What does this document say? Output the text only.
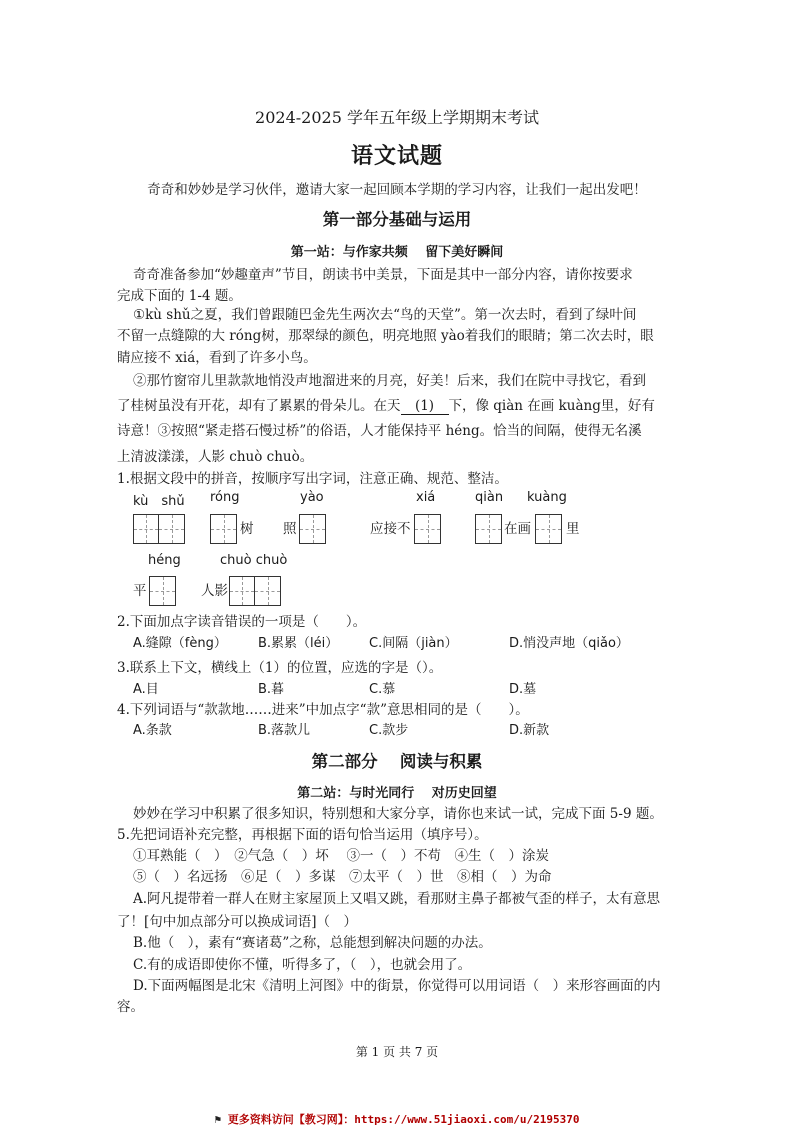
2024-2025 学年五年级上学期期末考试
语文试题
奇奇和妙妙是学习伙伴，邀请大家一起回顾本学期的学习内容，让我们一起出发吧！
第一部分基础与运用
第一站：与作家共频　 留下美好瞬间
奇奇准备参加“妙趣童声”节目，朗读书中美景，下面是其中一部分内容，请你按要求
完成下面的 1-4 题。
①kù shǔ之夏，我们曾跟随巴金先生两次去“鸟的天堂”。第一次去时，看到了绿叶间
不留一点缝隙的大 róng树，那翠绿的颜色，明亮地照 yào着我们的眼睛；第二次去时，眼
睛应接不 xiá，看到了许多小鸟。
②那竹窗帘儿里款款地悄没声地溜进来的月亮，好美！后来，我们在院中寻找它，看到
了桂树虽没有开花，却有了累累的骨朵儿。在天 (1) 下，像 qiàn 在画 kuàng里，好有
诗意！③按照“紧走搭石慢过桥”的俗语，人才能保持平 héng。恰当的间隔，使得无名溪
上清波漾漾，人影 chuò chuò。
1.根据文段中的拼音，按顺序写出字词，注意正确、规范、整洁。
kù　shǔ róng	yào	xiá	qiàn kuàng
树 照	应接不	在画	里
héng	chuò chuò
平	人影
2.下面加点字读音错误的一项是（　　）。
A.缝隙（fèng） B.累累（léi） C.间隔（jiàn）	D.悄没声地（qiǎo）
3.联系上下文，横线上（1）的位置，应选的字是（）。
A.目	B.暮	C.慕	D.墓
4.下列词语与“款款地……进来”中加点字“款”意思相同的是（　　）。
A.条款	B.落款儿	C.款步	D.新款
第二部分　 阅读与积累
第二站：与时光同行　 对历史回望
妙妙在学习中积累了很多知识，特别想和大家分享，请你也来试一试，完成下面 5-9 题。
5.先把词语补充完整，再根据下面的语句恰当运用（填序号）。
①耳熟能（　）　②气急（　）坏　 ③一（　）不苟　④生（　）涂炭
⑤（　）名远扬　⑥足（　）多谋　⑦太平（　）世　⑧相（　）为命
A.阿凡提带着一群人在财主家屋顶上又唱又跳，看那财主鼻子都被气歪的样子，太有意思
了！[句中加点部分可以换成词语]（　）
B.他（　），素有“赛诸葛”之称，总能想到解决问题的办法。
C.有的成语即使你不懂，听得多了，（　），也就会用了。
D.下面两幅图是北宋《清明上河图》中的街景，你觉得可以用词语（　）来形容画面的内
容。
第 1 页 共 7 页
⚑ 更多资料访问【教习网】：https://www.51jiaoxi.com/u/2195370
